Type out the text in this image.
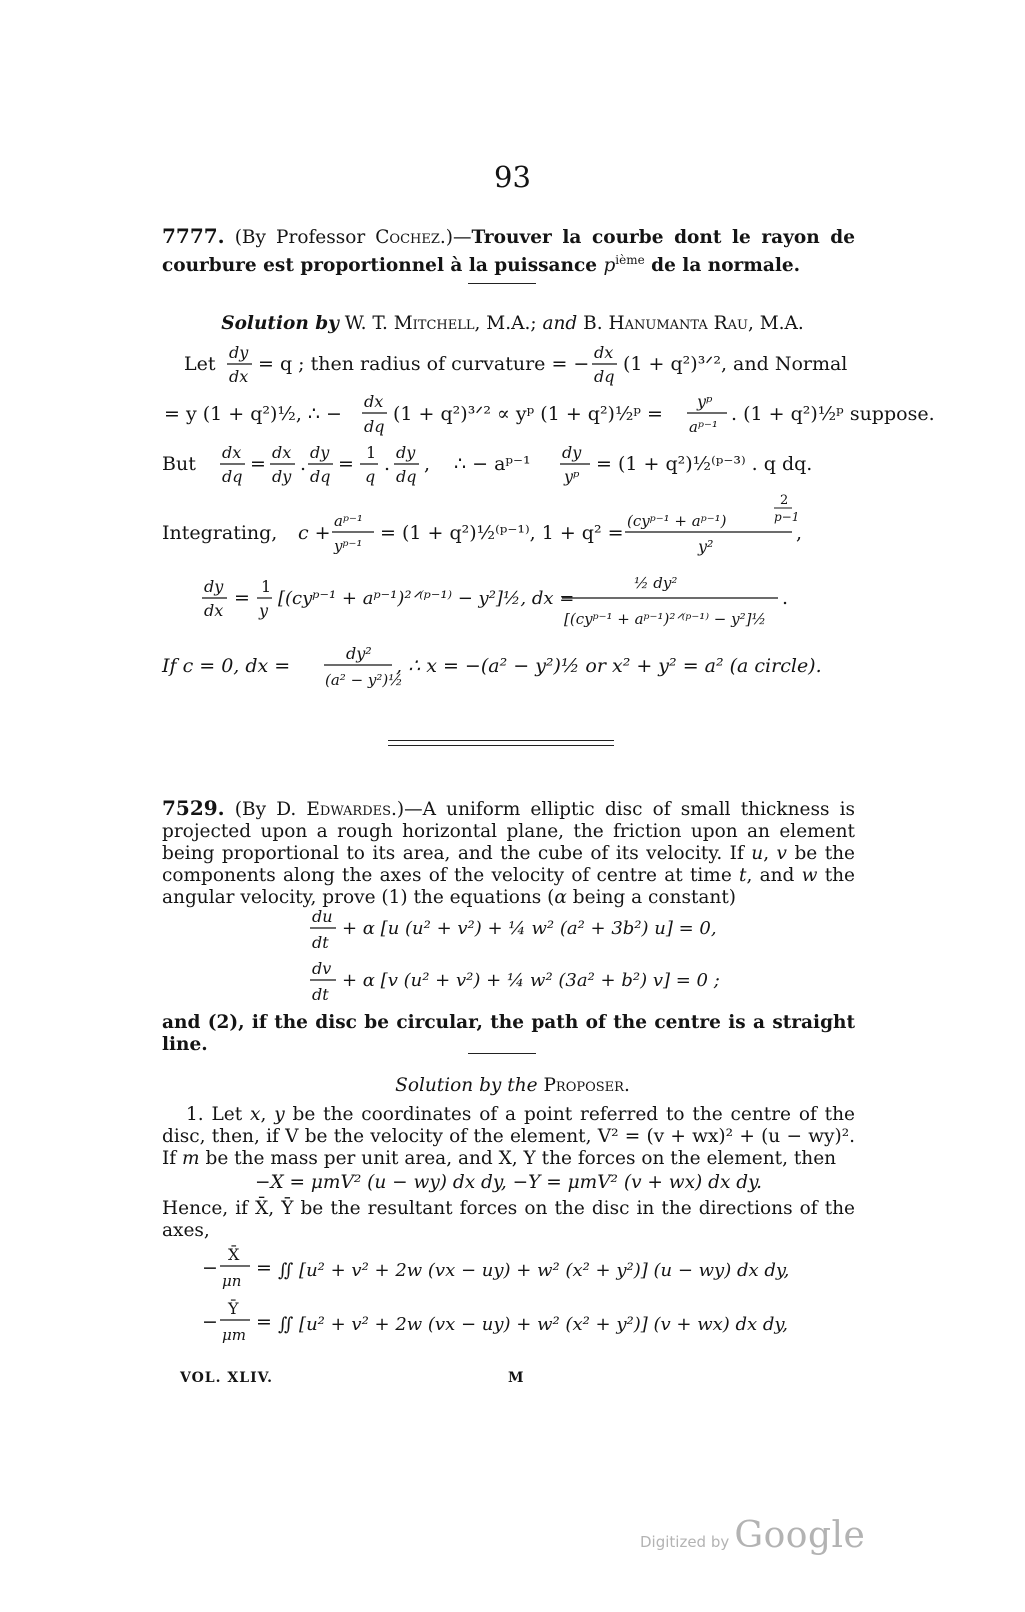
93

7777. (By Professor Cochez.)—Trouver la courbe dont le rayon de courbure est proportionnel à la puissance $p^{ième}$ de la normale.

Solution by W. T. Mitchell, M.A.; and B. Hanumanta Rau, M.A.
Let
dy
dx
= q ; then radius of curvature = −
dx
dq
(1 + q²)³ᐟ², and Normal
= y (1 + q²)½, ∴ −
dx
dq
(1 + q²)³ᐟ² ∝ yᵖ (1 + q²)½ᵖ =
yᵖ
aᵖ⁻¹
. (1 + q²)½ᵖ suppose.
But
dx
dq
=
dx
dy
.
dy
dq
=
1
q
.
dy
dq
, ∴ − aᵖ⁻¹
dy
yᵖ
= (1 + q²)½⁽ᵖ⁻³⁾ . q dq.
Integrating, c +
aᵖ⁻¹
yᵖ⁻¹
= (1 + q²)½⁽ᵖ⁻¹⁾, 1 + q² =
2
p−1
(cyᵖ⁻¹ + aᵖ⁻¹)
y²
,
dy
dx
=
1
y
[(cyᵖ⁻¹ + aᵖ⁻¹)²ᐟ⁽ᵖ⁻¹⁾ − y²]½, dx =
½ dy²
[(cyᵖ⁻¹ + aᵖ⁻¹)²ᐟ⁽ᵖ⁻¹⁾ − y²]½
.
If c = 0, dx =
dy²
(a² − y²)½
, ∴ x = −(a² − y²)½ or x² + y² = a² (a circle).

7529. (By D. Edwardes.)—A uniform elliptic disc of small thickness is projected upon a rough horizontal plane, the friction upon an element being proportional to its area, and the cube of its velocity. If u, v be the components along the axes of the velocity of centre at time t, and w the angular velocity, prove (1) the equations (α being a constant)

du
dt
+ α [u (u² + v²) + ¼ w² (a² + 3b²) u] = 0,
dv
dt
+ α [v (u² + v²) + ¼ w² (3a² + b²) v] = 0 ;

and (2), if the disc be circular, the path of the centre is a straight line.

Solution by the Proposer.

1. Let x, y be the coordinates of a point referred to the centre of the disc, then, if V be the velocity of the element, V² = (v + wx)² + (u − wy)². If m be the mass per unit area, and X, Y the forces on the element, then

−X = μmV² (u − wy) dx dy, −Y = μmV² (v + wx) dx dy.

Hence, if X̄, Ȳ be the resultant forces on the disc in the directions of the axes,

−
X̄
μn
= ∬ [u² + v² + 2w (vx − uy) + w² (x² + y²)] (u − wy) dx dy,
−
Ȳ
μm
= ∬ [u² + v² + 2w (vx − uy) + w² (x² + y²)] (v + wx) dx dy,
VOL. XLIV.	M
Digitized by Google
